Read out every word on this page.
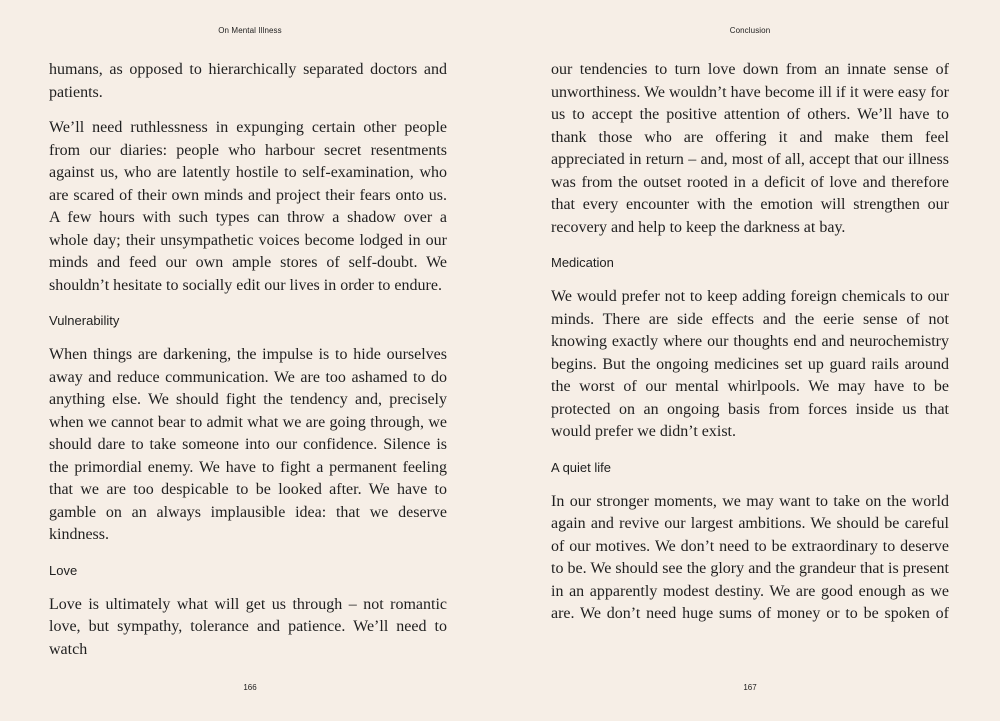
On Mental Illness

humans, as opposed to hierarchically separated doctors and patients.

We’ll need ruthlessness in expunging certain other people from our diaries: people who harbour secret resentments against us, who are latently hostile to self-examination, who are scared of their own minds and project their fears onto us. A few hours with such types can throw a shadow over a whole day; their unsympathetic voices become lodged in our minds and feed our own ample stores of self-doubt. We shouldn’t hesitate to socially edit our lives in order to endure.

Vulnerability

When things are darkening, the impulse is to hide ourselves away and reduce communication. We are too ashamed to do anything else. We should fight the tendency and, precisely when we cannot bear to admit what we are going through, we should dare to take someone into our confidence. Silence is the primordial enemy. We have to fight a permanent feeling that we are too despicable to be looked after. We have to gamble on an always implausible idea: that we deserve kindness.

Love

Love is ultimately what will get us through – not romantic love, but sympathy, tolerance and patience. We’ll need to watch

166
Conclusion

our tendencies to turn love down from an innate sense of unworthiness. We wouldn’t have become ill if it were easy for us to accept the positive attention of others. We’ll have to thank those who are offering it and make them feel appreciated in return – and, most of all, accept that our illness was from the outset rooted in a deficit of love and therefore that every encounter with the emotion will strengthen our recovery and help to keep the darkness at bay.

Medication

We would prefer not to keep adding foreign chemicals to our minds. There are side effects and the eerie sense of not knowing exactly where our thoughts end and neurochemistry begins. But the ongoing medicines set up guard rails around the worst of our mental whirlpools. We may have to be protected on an ongoing basis from forces inside us that would prefer we didn’t exist.

A quiet life

In our stronger moments, we may want to take on the world again and revive our largest ambitions. We should be careful of our motives. We don’t need to be extraordinary to deserve to be. We should see the glory and the grandeur that is present in an apparently modest destiny. We are good enough as we are. We don’t need huge sums of money or to be spoken of

167
